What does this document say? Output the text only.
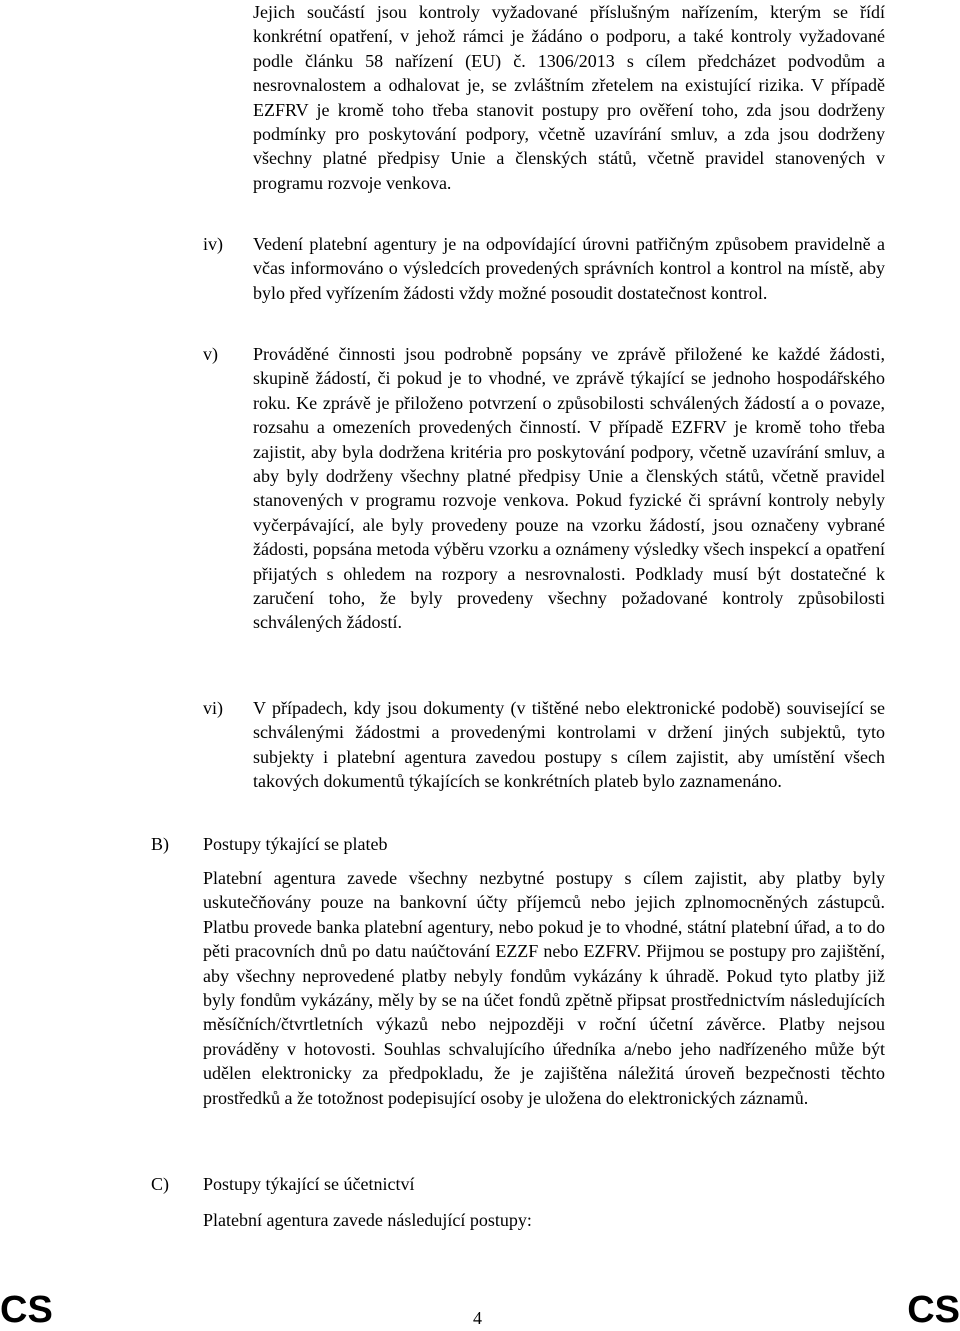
Jejich součástí jsou kontroly vyžadované příslušným nařízením, kterým se řídí konkrétní opatření, v jehož rámci je žádáno o podporu, a také kontroly vyžadované podle článku 58 nařízení (EU) č. 1306/2013 s cílem předcházet podvodům a nesrovnalostem a odhalovat je, se zvláštním zřetelem na existující rizika. V případě EZFRV je kromě toho třeba stanovit postupy pro ověření toho, zda jsou dodrženy podmínky pro poskytování podpory, včetně uzavírání smluv, a zda jsou dodrženy všechny platné předpisy Unie a členských států, včetně pravidel stanovených v programu rozvoje venkova.

iv) Vedení platební agentury je na odpovídající úrovni patřičným způsobem pravidelně a včas informováno o výsledcích provedených správních kontrol a kontrol na místě, aby bylo před vyřízením žádosti vždy možné posoudit dostatečnost kontrol.

v) Prováděné činnosti jsou podrobně popsány ve zprávě přiložené ke každé žádosti, skupině žádostí, či pokud je to vhodné, ve zprávě týkající se jednoho hospodářského roku. Ke zprávě je přiloženo potvrzení o způsobilosti schválených žádostí a o povaze, rozsahu a omezeních provedených činností. V případě EZFRV je kromě toho třeba zajistit, aby byla dodržena kritéria pro poskytování podpory, včetně uzavírání smluv, a aby byly dodrženy všechny platné předpisy Unie a členských států, včetně pravidel stanovených v programu rozvoje venkova. Pokud fyzické či správní kontroly nebyly vyčerpávající, ale byly provedeny pouze na vzorku žádostí, jsou označeny vybrané žádosti, popsána metoda výběru vzorku a oznámeny výsledky všech inspekcí a opatření přijatých s ohledem na rozpory a nesrovnalosti. Podklady musí být dostatečné k zaručení toho, že byly provedeny všechny požadované kontroly způsobilosti schválených žádostí.

vi) V případech, kdy jsou dokumenty (v tištěné nebo elektronické podobě) související se schválenými žádostmi a provedenými kontrolami v držení jiných subjektů, tyto subjekty i platební agentura zavedou postupy s cílem zajistit, aby umístění všech takových dokumentů týkajících se konkrétních plateb bylo zaznamenáno.

B) Postupy týkající se plateb

Platební agentura zavede všechny nezbytné postupy s cílem zajistit, aby platby byly uskutečňovány pouze na bankovní účty příjemců nebo jejich zplnomocněných zástupců. Platbu provede banka platební agentury, nebo pokud je to vhodné, státní platební úřad, a to do pěti pracovních dnů po datu naúčtování EZZF nebo EZFRV. Přijmou se postupy pro zajištění, aby všechny neprovedené platby nebyly fondům vykázány k úhradě. Pokud tyto platby již byly fondům vykázány, měly by se na účet fondů zpětně připsat prostřednictvím následujících měsíčních/čtvrtletních výkazů nebo nejpozději v roční účetní závěrce. Platby nejsou prováděny v hotovosti. Souhlas schvalujícího úředníka a/nebo jeho nadřízeného může být udělen elektronicky za předpokladu, že je zajištěna náležitá úroveň bezpečnosti těchto prostředků a že totožnost podepisující osoby je uložena do elektronických záznamů.

C) Postupy týkající se účetnictví

Platební agentura zavede následující postupy:

CS	4	CS
